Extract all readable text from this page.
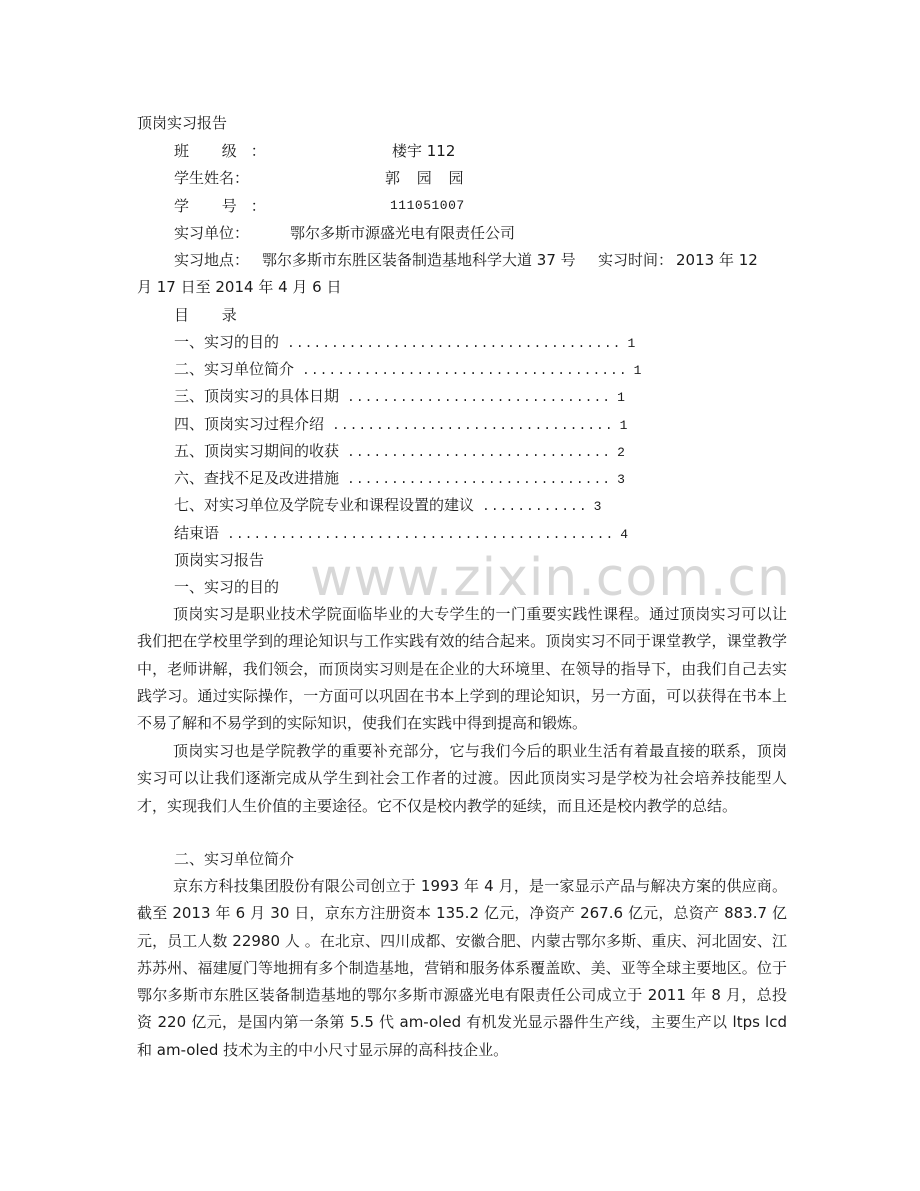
www.zixin.com.cn
顶岗实习报告
班 级：	楼宇 112
学生姓名：	郭 园 园
学 号：	111051007
实习单位：	鄂尔多斯市源盛光电有限责任公司
实习地点： 鄂尔多斯市东胜区装备制造基地科学大道 37 号 实习时间： 2013 年 12
月 17 日至 2014 年 4 月 6 日
目 录
一、实习的目的 ...................................... 1
二、实习单位简介 ..................................... 1
三、顶岗实习的具体日期 .............................. 1
四、顶岗实习过程介绍 ................................ 1
五、顶岗实习期间的收获 .............................. 2
六、查找不足及改进措施 .............................. 3
七、对实习单位及学院专业和课程设置的建议 ............ 3
结束语 ............................................ 4
顶岗实习报告
一、实习的目的
顶岗实习是职业技术学院面临毕业的大专学生的一门重要实践性课程。通过顶岗实习可以让我们把在学校里学到的理论知识与工作实践有效的结合起来。顶岗实习不同于课堂教学，课堂教学中，老师讲解，我们领会，而顶岗实习则是在企业的大环境里、在领导的指导下，由我们自己去实践学习。通过实际操作，一方面可以巩固在书本上学到的理论知识，另一方面，可以获得在书本上不易了解和不易学到的实际知识，使我们在实践中得到提高和锻炼。
顶岗实习也是学院教学的重要补充部分，它与我们今后的职业生活有着最直接的联系，顶岗实习可以让我们逐渐完成从学生到社会工作者的过渡。因此顶岗实习是学校为社会培养技能型人才，实现我们人生价值的主要途径。它不仅是校内教学的延续，而且还是校内教学的总结。
二、实习单位简介
京东方科技集团股份有限公司创立于 1993 年 4 月，是一家显示产品与解决方案的供应商。截至 2013 年 6 月 30 日，京东方注册资本 135.2 亿元，净资产 267.6 亿元，总资产 883.7 亿元，员工人数 22980 人 。在北京、四川成都、安徽合肥、内蒙古鄂尔多斯、重庆、河北固安、江苏苏州、福建厦门等地拥有多个制造基地，营销和服务体系覆盖欧、美、亚等全球主要地区。位于鄂尔多斯市东胜区装备制造基地的鄂尔多斯市源盛光电有限责任公司成立于 2011 年 8 月，总投资 220 亿元，是国内第一条第 5.5 代 am-oled 有机发光显示器件生产线，主要生产以 ltps lcd 和 am-oled 技术为主的中小尺寸显示屏的高科技企业。
